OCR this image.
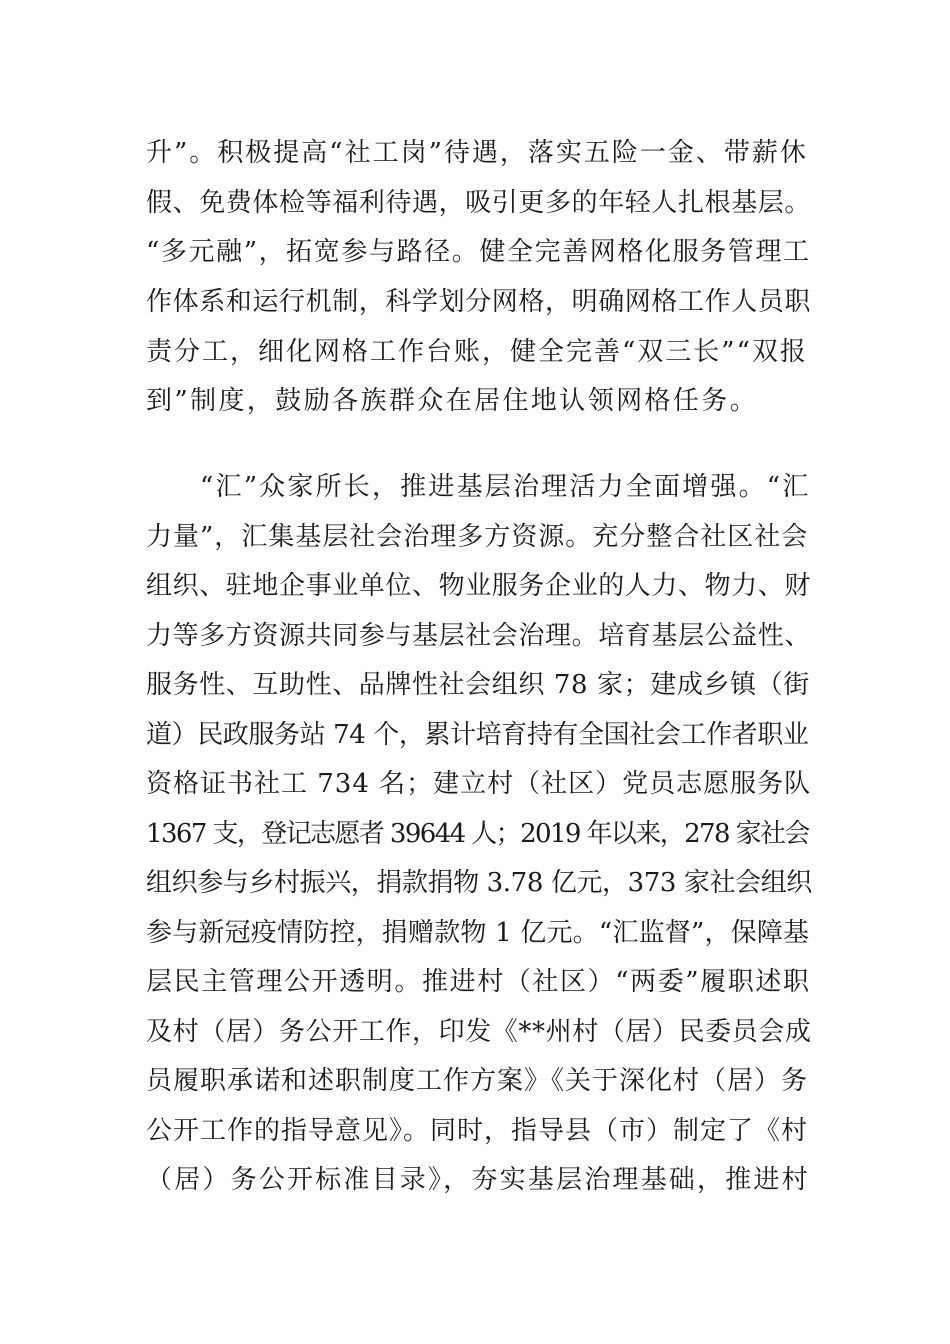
升”。积极提高“社工岗”待遇，落实五险一金、带薪休
假、免费体检等福利待遇，吸引更多的年轻人扎根基层。
“多元融”，拓宽参与路径。健全完善网格化服务管理工
作体系和运行机制，科学划分网格，明确网格工作人员职
责分工，细化网格工作台账，健全完善“双三长”“双报
到”制度，鼓励各族群众在居住地认领网格任务。
“汇”众家所长，推进基层治理活力全面增强。“汇
力量”，汇集基层社会治理多方资源。充分整合社区社会
组织、驻地企事业单位、物业服务企业的人力、物力、财
力等多方资源共同参与基层社会治理。培育基层公益性、
服务性、互助性、品牌性社会组织 78 家；建成乡镇（街
道）民政服务站 74 个，累计培育持有全国社会工作者职业
资格证书社工 734 名；建立村（社区）党员志愿服务队
1367 支，登记志愿者 39644 人；2019 年以来，278 家社会
组织参与乡村振兴，捐款捐物 3.78 亿元，373 家社会组织
参与新冠疫情防控，捐赠款物 1 亿元。“汇监督”，保障基
层民主管理公开透明。推进村（社区）“两委”履职述职
及村（居）务公开工作，印发《**州村（居）民委员会成
员履职承诺和述职制度工作方案》《关于深化村（居）务
公开工作的指导意见》。同时，指导县（市）制定了《村
（居）务公开标准目录》，夯实基层治理基础，推进村
